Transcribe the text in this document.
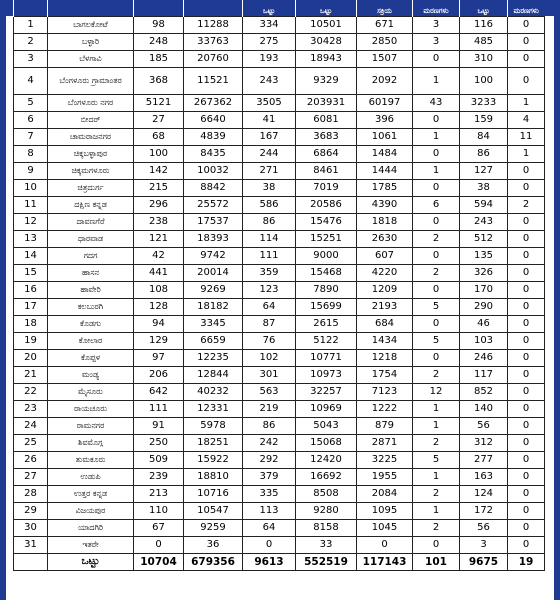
				ಒಟ್ಟು	ಒಟ್ಟು	ಸಕ್ರಿಯ	ಮರಣಗಳು	ಒಟ್ಟು	ಮರಣಗಳು
1	ಬಾಗಲಕೋಟೆ	98	11288	334	10501	671	3	116	0
2	ಬಳ್ಳಾರಿ	248	33763	275	30428	2850	3	485	0
3	ಬೆಳಗಾವಿ	185	20760	193	18943	1507	0	310	0
4	ಬೆಂಗಳೂರು ಗ್ರಾಮಾಂತರ	368	11521	243	9329	2092	1	100	0
5	ಬೆಂಗಳೂರು ನಗರ	5121	267362	3505	203931	60197	43	3233	1
6	ಬೀದರ್	27	6640	41	6081	396	0	159	4
7	ಚಾಮರಾಜನಗರ	68	4839	167	3683	1061	1	84	11
8	ಚಿಕ್ಕಬಳ್ಳಾಪುರ	100	8435	244	6864	1484	0	86	1
9	ಚಿಕ್ಕಮಗಳೂರು	142	10032	271	8461	1444	1	127	0
10	ಚಿತ್ರದುರ್ಗ	215	8842	38	7019	1785	0	38	0
11	ದಕ್ಷಿಣ ಕನ್ನಡ	296	25572	586	20586	4390	6	594	2
12	ದಾವಣಗೆರೆ	238	17537	86	15476	1818	0	243	0
13	ಧಾರವಾಡ	121	18393	114	15251	2630	2	512	0
14	ಗದಗ	42	9742	111	9000	607	0	135	0
15	ಹಾಸನ	441	20014	359	15468	4220	2	326	0
16	ಹಾವೇರಿ	108	9269	123	7890	1209	0	170	0
17	ಕಲಬುರಗಿ	128	18182	64	15699	2193	5	290	0
18	ಕೊಡಗು	94	3345	87	2615	684	0	46	0
19	ಕೋಲಾರ	129	6659	76	5122	1434	5	103	0
20	ಕೊಪ್ಪಳ	97	12235	102	10771	1218	0	246	0
21	ಮಂಡ್ಯ	206	12844	301	10973	1754	2	117	0
22	ಮೈಸೂರು	642	40232	563	32257	7123	12	852	0
23	ರಾಯಚೂರು	111	12331	219	10969	1222	1	140	0
24	ರಾಮನಗರ	91	5978	86	5043	879	1	56	0
25	ಶಿವಮೊಗ್ಗ	250	18251	242	15068	2871	2	312	0
26	ತುಮಕೂರು	509	15922	292	12420	3225	5	277	0
27	ಉಡುಪಿ	239	18810	379	16692	1955	1	163	0
28	ಉತ್ತರ ಕನ್ನಡ	213	10716	335	8508	2084	2	124	0
29	ವಿಜಯಪುರ	110	10547	113	9280	1095	1	172	0
30	ಯಾದಗಿರಿ	67	9259	64	8158	1045	2	56	0
31	ಇತರೇ	0	36	0	33	0	0	3	0
	ಒಟ್ಟು	10704	679356	9613	552519	117143	101	9675	19
